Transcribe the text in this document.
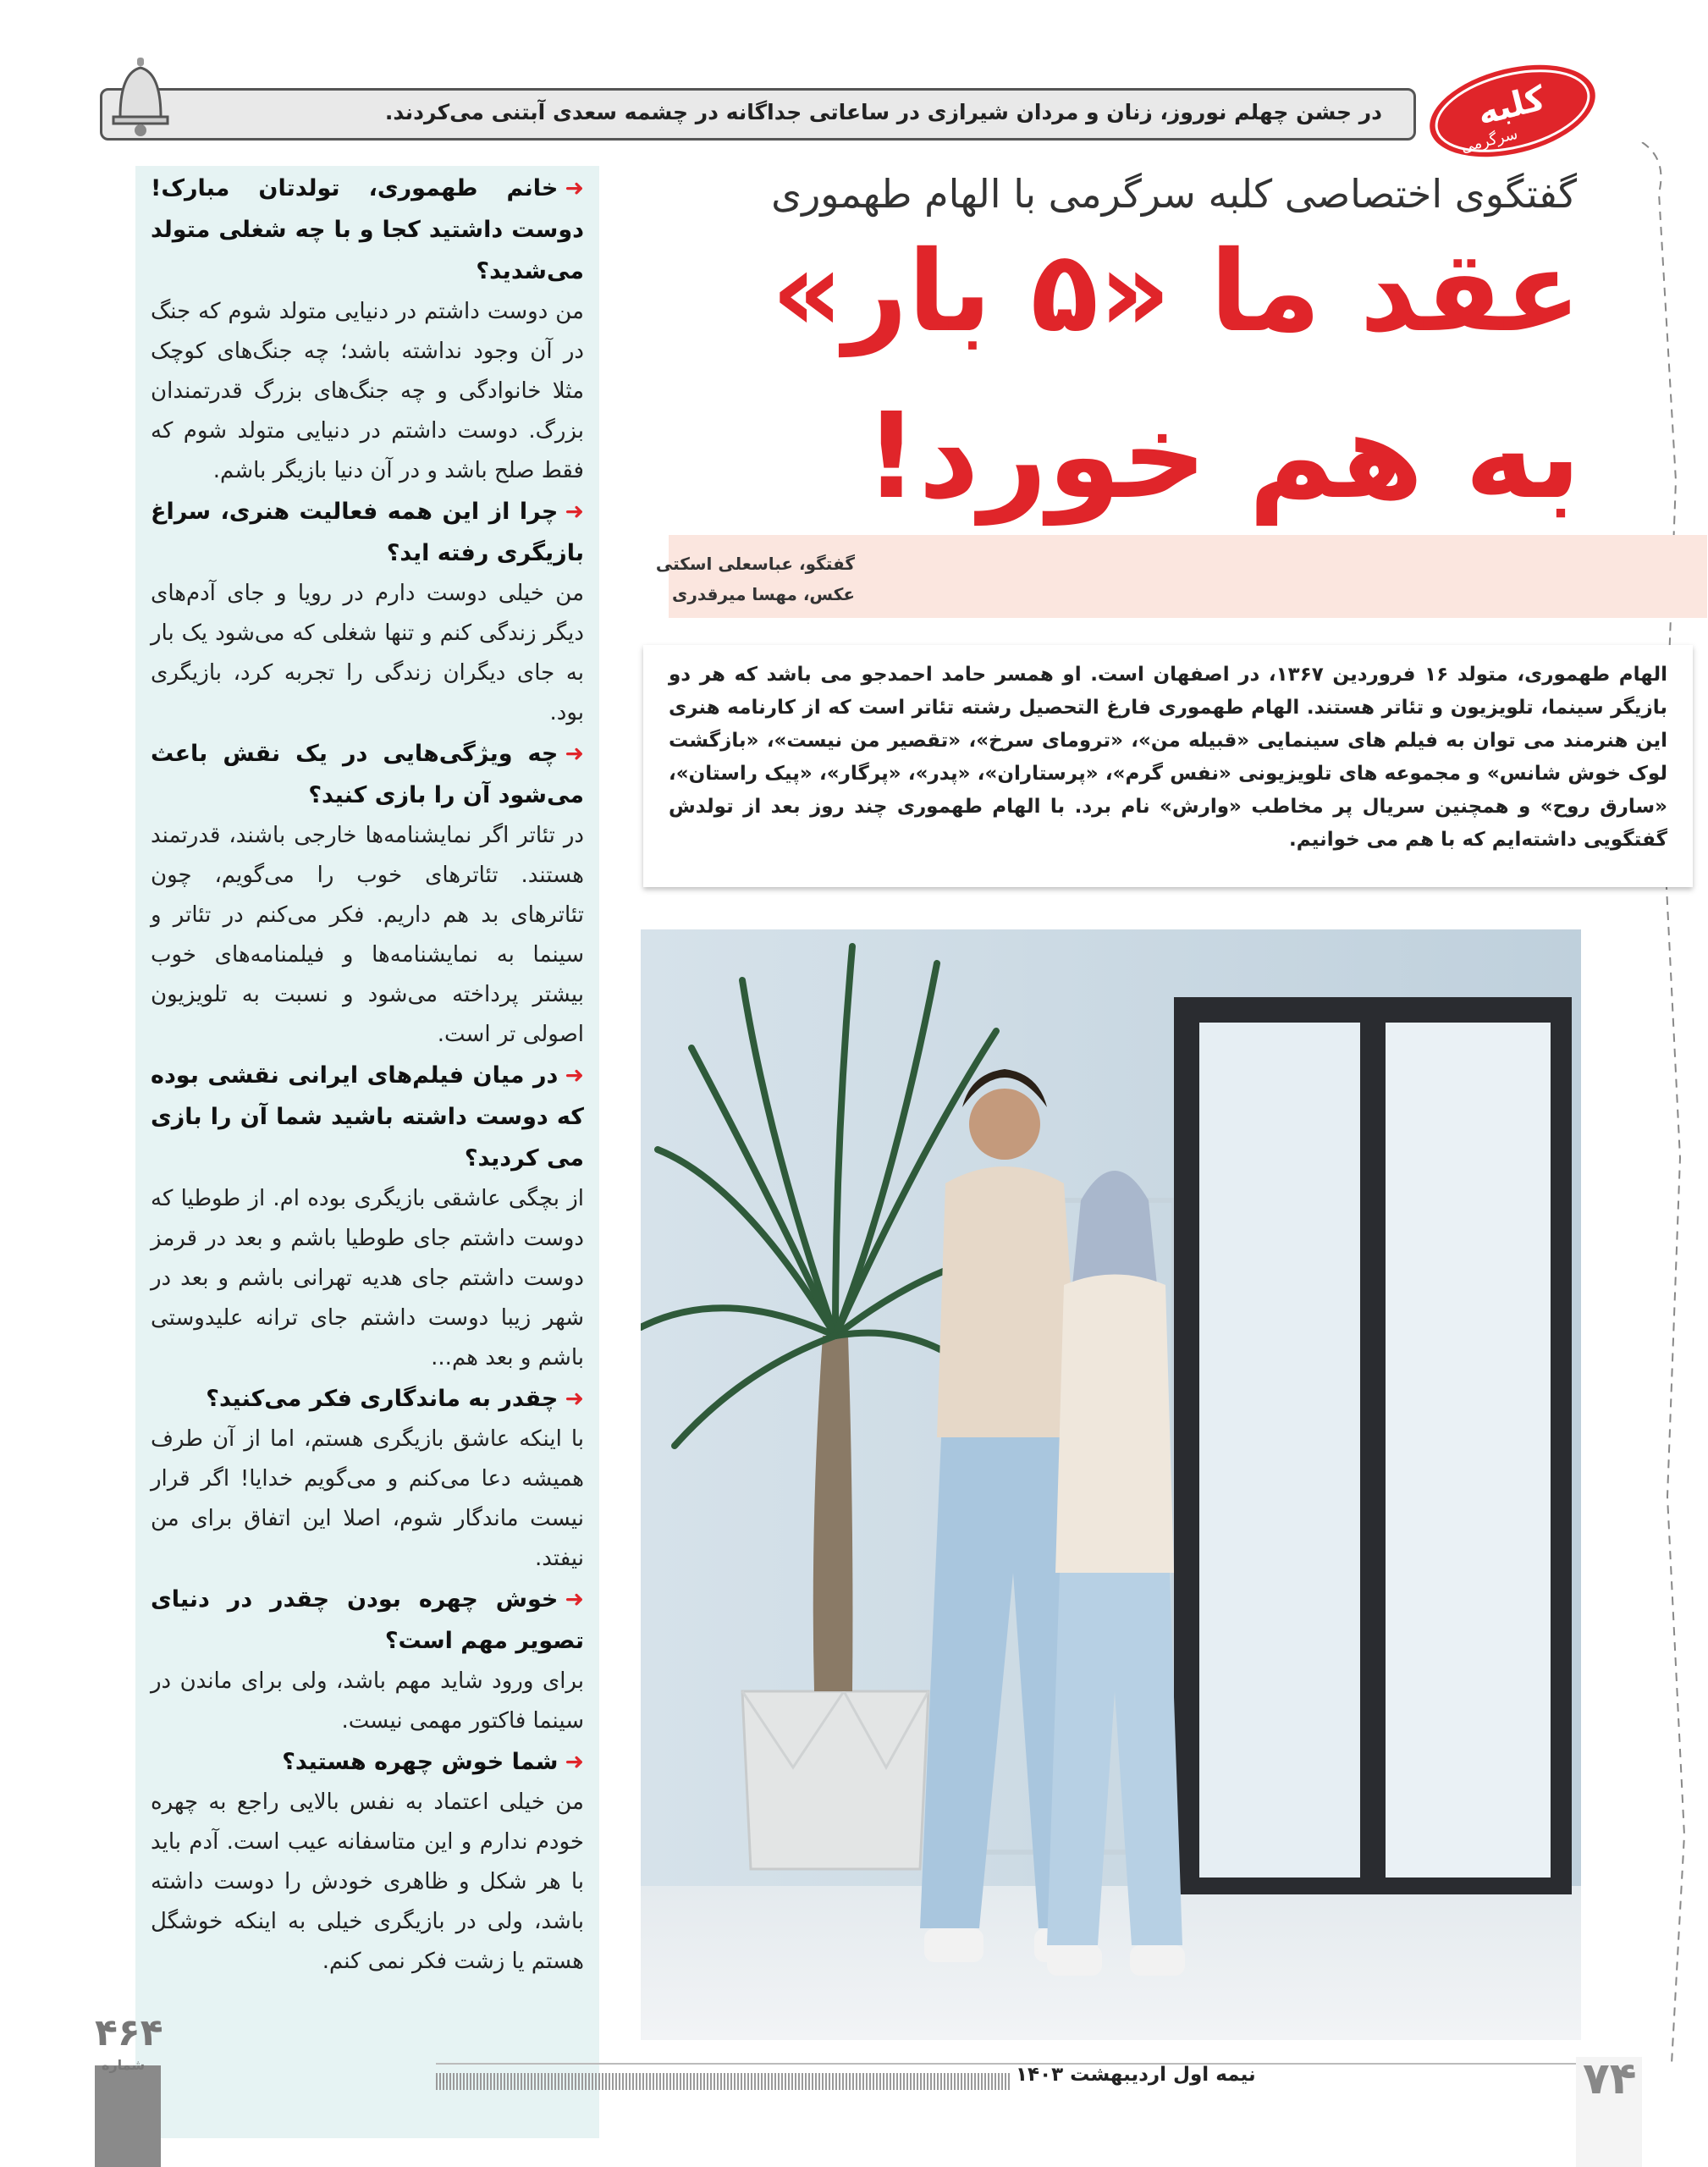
در جشن چهلم نوروز، زنان و مردان شیرازی در ساعاتی جداگانه در چشمه سعدی آبتنی می‌کردند.	کلبه
سرگرمی
➜خانم طهموری، تولدتان مبارک! دوست داشتید کجا و با چه شغلی متولد می‌شدید؟
من دوست داشتم در دنیایی متولد شوم که جنگ در آن وجود نداشته باشد؛ چه جنگ‌های کوچک مثلا خانوادگی و چه جنگ‌های بزرگ قدرتمندان بزرگ. دوست داشتم در دنیایی متولد شوم که فقط صلح باشد و در آن دنیا بازیگر باشم.
➜چرا از این همه فعالیت هنری، سراغ بازیگری رفته اید؟
من خیلی دوست دارم در رویا و جای آدم‌های دیگر زندگی کنم و تنها شغلی که می‌شود یک بار به جای دیگران زندگی را تجربه کرد، بازیگری بود.
➜چه ویژگی‌هایی در یک نقش باعث می‌شود آن را بازی کنید؟
در تئاتر اگر نمایشنامه‌ها خارجی باشند، قدرتمند هستند. تئاترهای خوب را می‌گویم، چون تئاترهای بد هم داریم. فکر می‌کنم در تئاتر و سینما به نمایشنامه‌ها و فیلمنامه‌های خوب بیشتر پرداخته می‌شود و نسبت به تلویزیون اصولی تر است.
➜در میان فیلم‌های ایرانی نقشی بوده که دوست داشته باشید شما آن را بازی می کردید؟
از بچگی عاشقی بازیگری بوده ام. از طوطیا که دوست داشتم جای طوطیا باشم و بعد در قرمز دوست داشتم جای هدیه تهرانی باشم و بعد در شهر زیبا دوست داشتم جای ترانه علیدوستی باشم و بعد هم...
➜چقدر به ماندگاری فکر می‌کنید؟
با اینکه عاشق بازیگری هستم، اما از آن طرف همیشه دعا می‌کنم و می‌گویم خدایا! اگر قرار نیست ماندگار شوم، اصلا این اتفاق برای من نیفتد.
➜خوش چهره بودن چقدر در دنیای تصویر مهم است؟
برای ورود شاید مهم باشد، ولی برای ماندن در سینما فاکتور مهمی نیست.
➜شما خوش چهره هستید؟
من خیلی اعتماد به نفس بالایی راجع به چهره خودم ندارم و این متاسفانه عیب است. آدم باید با هر شکل و ظاهری خودش را دوست داشته باشد، ولی در بازیگری خیلی به اینکه خوشگل هستم یا زشت فکر نمی کنم.
گفتگوی اختصاصی کلبه سرگرمی با الهام طهموری
عقد ما «۵ بار»
به هم خورد!
گفتگو، عباسعلی اسکتی
عکس، مهسا میرقدری
الهام طهموری، متولد ۱۶ فروردین ۱۳۶۷، در اصفهان است. او همسر حامد احمدجو می باشد که هر دو بازیگر سینما، تلویزیون و تئاتر هستند. الهام طهموری فارغ التحصیل رشته تئاتر است که از کارنامه هنری این هنرمند می توان به فیلم های سینمایی «قبیله من»، «ترومای سرخ»، «تقصیر من نیست»، «بازگشت لوک خوش شانس» و مجموعه های تلویزیونی «نفس گرم»، «پرستاران»، «پدر»، «پرگار»، «پیک راستان»، «سارق روح» و همچنین سریال پر مخاطب «وارش» نام برد. با الهام طهموری چند روز بعد از تولدش گفتگویی داشته‌ایم که با هم می خوانیم.
نیمه اول اردیبهشت ۱۴۰۳
۴۶۴
شماره	۷۴
